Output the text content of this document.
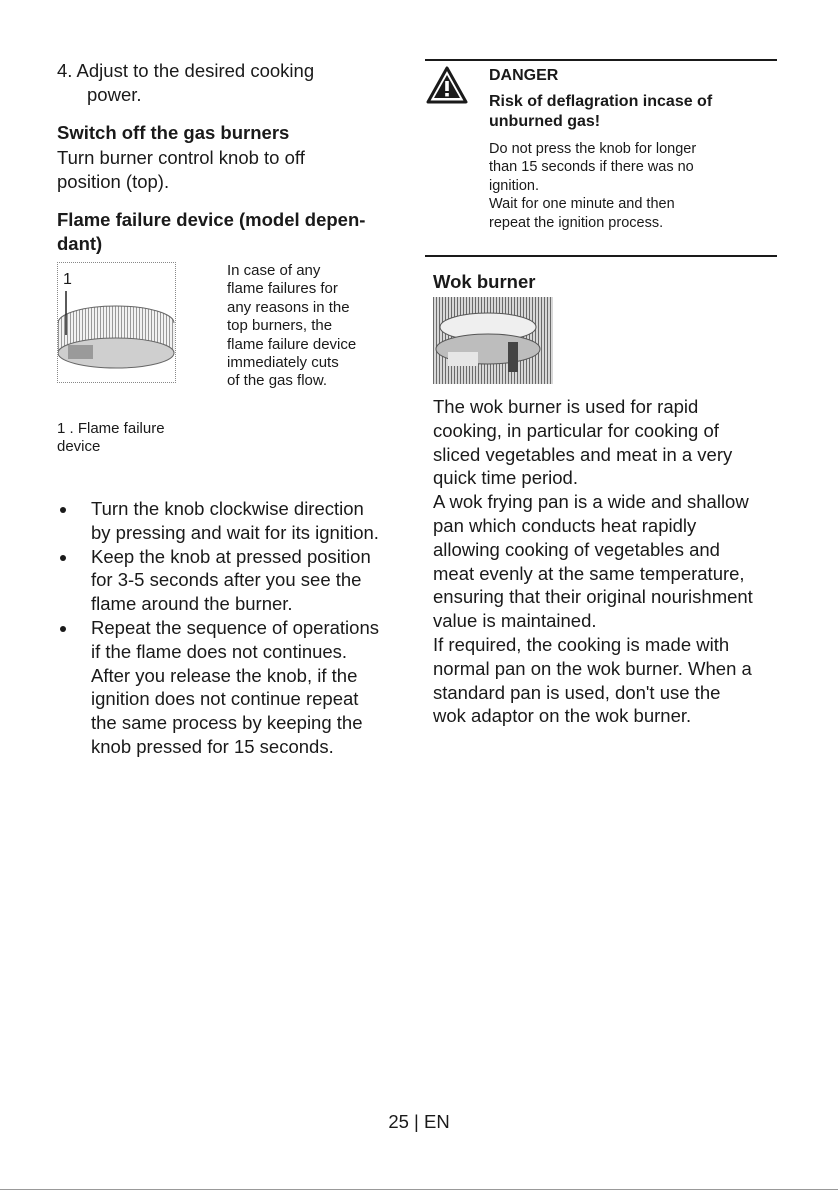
4. Adjust to the desired cooking
power.
Switch off the gas burners
Turn burner control knob to off
position (top).
Flame failure device (model depen-
dant)
1
In case of any
flame failures for
any reasons in the
top burners, the
flame failure device
immediately cuts
of the gas flow.
1 . Flame failure
device
Turn the knob clockwise direction
by pressing and wait for its ignition.
Keep the knob at pressed position
for 3-5 seconds after you see the
flame around the burner.
Repeat the sequence of operations
if the flame does not continues.
After you release the knob, if the
ignition does not continue repeat
the same process by keeping the
knob pressed for 15 seconds.
DANGER
Risk of deflagration incase of
unburned gas!
Do not press the knob for longer
than 15 seconds if there was no
ignition.
Wait for one minute and then
repeat the ignition process.
Wok burner
The wok burner is used for rapid
cooking, in particular for cooking of
sliced vegetables and meat in a very
quick time period.
A wok frying pan is a wide and shallow
pan which conducts heat rapidly
allowing cooking of vegetables and
meat evenly at the same temperature,
ensuring that their original nourishment
value is maintained.
If required, the cooking is made with
normal pan on the wok burner. When a
standard pan is used, don't use the
wok adaptor on the wok burner.
25 | EN
